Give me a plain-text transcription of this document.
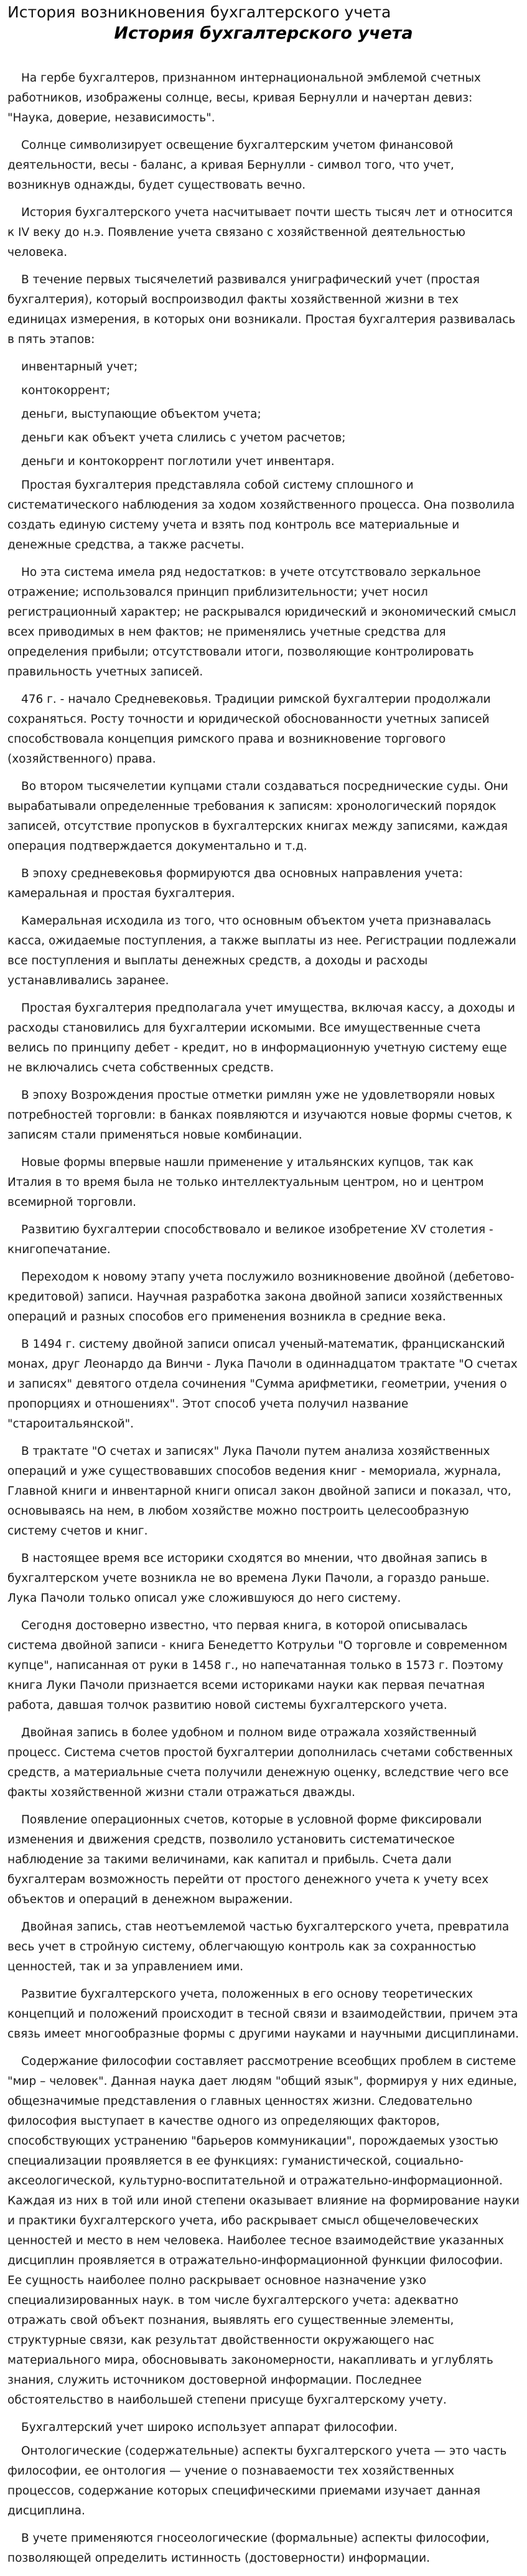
История возникновения бухгалтерского учета
История бухгалтерского учета

На гербе бухгалтеров, признанном интернациональной эмблемой счетных работников, изображены солнце, весы, кривая Бернулли и начертан девиз: "Наука, доверие, независимость".

Солнце символизирует освещение бухгалтерским учетом финансовой деятельности, весы - баланс, а кривая Бернулли - символ того, что учет, возникнув однажды, будет существовать вечно.

История бухгалтерского учета насчитывает почти шесть тысяч лет и относится к IV веку до н.э. Появление учета связано с хозяйственной деятельностью человека.

В течение первых тысячелетий развивался униграфический учет (простая бухгалтерия), который воспроизводил факты хозяйственной жизни в тех единицах измерения, в которых они возникали. Простая бухгалтерия развивалась в пять этапов:

инвентарный учет;

контокоррент;

деньги, выступающие объектом учета;

деньги как объект учета слились с учетом расчетов;

деньги и контокоррент поглотили учет инвентаря.

Простая бухгалтерия представляла собой систему сплошного и систематического наблюдения за ходом хозяйственного процесса. Она позволила создать единую систему учета и взять под контроль все материальные и денежные средства, а также расчеты.

Но эта система имела ряд недостатков: в учете отсутствовало зеркальное отражение; использовался принцип приблизительности; учет носил регистрационный характер; не раскрывался юридический и экономический смысл всех приводимых в нем фактов; не применялись учетные средства для определения прибыли; отсутствовали итоги, позволяющие контролировать правильность учетных записей.

476 г. - начало Средневековья. Традиции римской бухгалтерии продолжали сохраняться. Росту точности и юридической обоснованности учетных записей способствовала концепция римского права и возникновение торгового (хозяйственного) права.

Во втором тысячелетии купцами стали создаваться посреднические суды. Они вырабатывали определенные требования к записям: хронологический порядок записей, отсутствие пропусков в бухгалтерских книгах между записями, каждая операция подтверждается документально и т.д.

В эпоху средневековья формируются два основных направления учета: камеральная и простая бухгалтерия.

Камеральная исходила из того, что основным объектом учета признавалась касса, ожидаемые поступления, а также выплаты из нее. Регистрации подлежали все поступления и выплаты денежных средств, а доходы и расходы устанавливались заранее.

Простая бухгалтерия предполагала учет имущества, включая кассу, а доходы и расходы становились для бухгалтерии искомыми. Все имущественные счета велись по принципу дебет - кредит, но в информационную учетную систему еще не включались счета собственных средств.

В эпоху Возрождения простые отметки римлян уже не удовлетворяли новых потребностей торговли: в банках появляются и изучаются новые формы счетов, к записям стали применяться новые комбинации.

Новые формы впервые нашли применение у итальянских купцов, так как Италия в то время была не только интеллектуальным центром, но и центром всемирной торговли.

Развитию бухгалтерии способствовало и великое изобретение XV столетия - книгопечатание.

Переходом к новому этапу учета послужило возникновение двойной (дебетово-кредитовой) записи. Научная разработка закона двойной записи хозяйственных операций и разных способов его применения возникла в средние века.

В 1494 г. систему двойной записи описал ученый-математик, францисканский монах, друг Леонардо да Винчи - Лука Пачоли в одиннадцатом трактате "О счетах и записях" девятого отдела сочинения "Сумма арифметики, геометрии, учения о пропорциях и отношениях". Этот способ учета получил название "староитальянской".

В трактате "О счетах и записях" Лука Пачоли путем анализа хозяйственных операций и уже существовавших способов ведения книг - мемориала, журнала, Главной книги и инвентарной книги описал закон двойной записи и показал, что, основываясь на нем, в любом хозяйстве можно построить целесообразную систему счетов и книг.

В настоящее время все историки сходятся во мнении, что двойная запись в бухгалтерском учете возникла не во времена Луки Пачоли, а гораздо раньше. Лука Пачоли только описал уже сложившуюся до него систему.

Сегодня достоверно известно, что первая книга, в которой описывалась система двойной записи - книга Бенедетто Котрульи "О торговле и современном купце", написанная от руки в 1458 г., но напечатанная только в 1573 г. Поэтому книга Луки Пачоли признается всеми историками науки как первая печатная работа, давшая толчок развитию новой системы бухгалтерского учета.

Двойная запись в более удобном и полном виде отражала хозяйственный процесс. Система счетов простой бухгалтерии дополнилась счетами собственных средств, а материальные счета получили денежную оценку, вследствие чего все факты хозяйственной жизни стали отражаться дважды.

Появление операционных счетов, которые в условной форме фиксировали изменения и движения средств, позволило установить систематическое наблюдение за такими величинами, как капитал и прибыль. Счета дали бухгалтерам возможность перейти от простого денежного учета к учету всех объектов и операций в денежном выражении.

Двойная запись, став неотъемлемой частью бухгалтерского учета, превратила весь учет в стройную систему, облегчающую контроль как за сохранностью ценностей, так и за управлением ими.

Развитие бухгалтерского учета, положенных в его основу теоретических концепций и положений происходит в тесной связи и взаимодействии, причем эта связь имеет многообразные формы с другими науками и научными дисциплинами.

Содержание философии составляет рассмотрение всеобщих проблем в системе "мир – человек". Данная наука дает людям "общий язык", формируя у них единые, общезначимые представления о главных ценностях жизни. Следовательно философия выступает в качестве одного из определяющих факторов, способствующих устранению "барьеров коммуникации", порождаемых узостью специализации проявляется в ее функциях: гуманистической, социально-аксеологической, культурно-воспитательной и отражательно-информационной. Каждая из них в той или иной степени оказывает влияние на формирование науки и практики бухгалтерского учета, ибо раскрывает смысл общечеловеческих ценностей и место в нем человека. Наиболее тесное взаимодействие указанных дисциплин проявляется в отражательно-информационной функции философии. Ее сущность наиболее полно раскрывает основное назначение узко специализированных наук. в том числе бухгалтерского учета: адекватно отражать свой объект познания, выявлять его существенные элементы, структурные связи, как результат двойственности окружающего нас материального мира, обосновывать закономерности, накапливать и углублять знания, служить источником достоверной информации. Последнее обстоятельство в наибольшей степени присуще бухгалтерскому учету.

Бухгалтерский учет широко использует аппарат философии.

Онтологические (содержательные) аспекты бухгалтерского учета — это часть философии, ее онтология — учение о познаваемости тех хозяйственных процессов, содержание которых специфическими приемами изучает данная дисциплина.

В учете применяются гносеологические (формальные) аспекты философии, позволяющей определить истинность (достоверности) информации.
